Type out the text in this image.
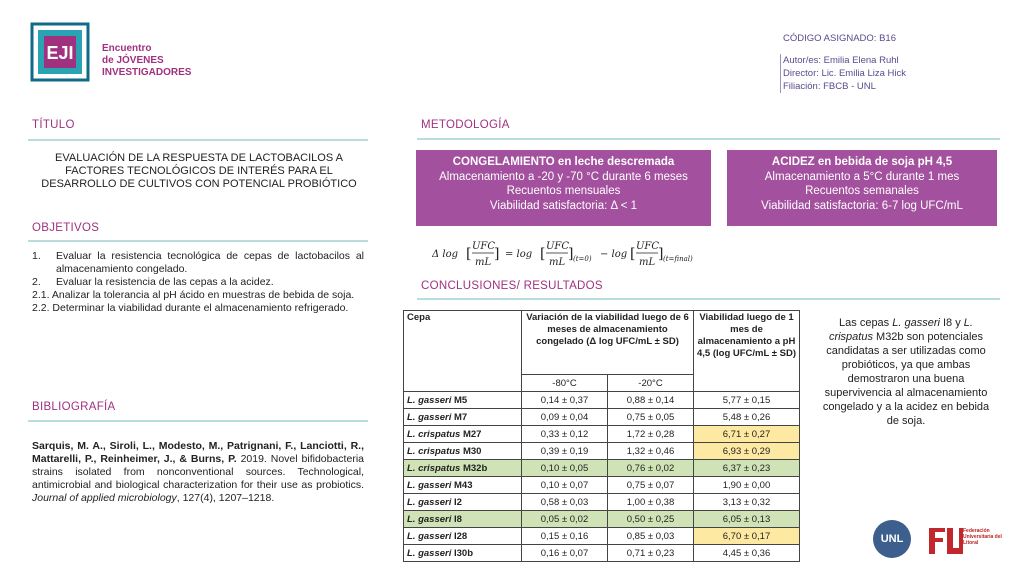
EJI	Encuentro
de JÓVENES
INVESTIGADORES
CÓDIGO ASIGNADO: B16
Autor/es: Emilia Elena Ruhl
Director: Lic. Emilia Liza Hick
Filiación: FBCB - UNL
TÍTULO
EVALUACIÓN DE LA RESPUESTA DE LACTOBACILOS A FACTORES TECNOLÓGICOS DE INTERÉS PARA EL DESARROLLO DE CULTIVOS CON POTENCIAL PROBIÓTICO
OBJETIVOS
1.	Evaluar la resistencia tecnológica de cepas de lactobacilos al almacenamiento congelado.
2.	Evaluar la resistencia de las cepas a la acidez.
2.1. Analizar la tolerancia al pH ácido en muestras de bebida de soja.
2.2. Determinar la viabilidad durante el almacenamiento refrigerado.
BIBLIOGRAFÍA
Sarquis, M. A., Siroli, L., Modesto, M., Patrignani, F., Lanciotti, R., Mattarelli, P., Reinheimer, J., & Burns, P. 2019. Novel bifidobacteria strains isolated from nonconventional sources. Technological, antimicrobial and biological characterization for their use as probiotics. Journal of applied microbiology, 127(4), 1207–1218.
METODOLOGÍA
CONGELAMIENTO en leche descremada
Almacenamiento a -20 y -70 °C durante 6 meses
Recuentos mensuales
Viabilidad satisfactoria: Δ < 1
ACIDEZ en bebida de soja pH 4,5
Almacenamiento a 5°C durante 1 mes
Recuentos semanales
Viabilidad satisfactoria: 6-7 log UFC/mL
Δ log [ UFC
mL
] = log [ UFC
mL
] (t=0) − log [ UFC
mL
] (t=final)
CONCLUSIONES/ RESULTADOS
Cepa	Variación de la viabilidad luego de 6 meses de almacenamiento congelado (Δ log UFC/mL ± SD)		Viabilidad luego de 1 mes de almacenamiento a pH 4,5 (log UFC/mL ± SD)
	-80°C	-20°C	
L. gasseri M5	0,14 ± 0,37	0,88 ± 0,14	5,77 ± 0,15
L. gasseri M7	0,09 ± 0,04	0,75 ± 0,05	5,48 ± 0,26
L. crispatus M27	0,33 ± 0,12	1,72 ± 0,28	6,71 ± 0,27
L. crispatus M30	0,39 ± 0,19	1,32 ± 0,46	6,93 ± 0,29
L. crispatus M32b	0,10 ± 0,05	0,76 ± 0,02	6,37 ± 0,23
L. gasseri M43	0,10 ± 0,07	0,75 ± 0,07	1,90 ± 0,00
L. gasseri I2	0,58 ± 0,03	1,00 ± 0,38	3,13 ± 0,32
L. gasseri I8	0,05 ± 0,02	0,50 ± 0,25	6,05 ± 0,13
L. gasseri I28	0,15 ± 0,16	0,85 ± 0,03	6,70 ± 0,17
L. gasseri I30b	0,16 ± 0,07	0,71 ± 0,23	4,45 ± 0,36
Las cepas L. gasseri I8 y L. crispatus M32b son potenciales candidatas a ser utilizadas como probióticos, ya que ambas demostraron una buena supervivencia al almacenamiento congelado y a la acidez en bebida de soja.
UNL
Federación Universitaria del Litoral
